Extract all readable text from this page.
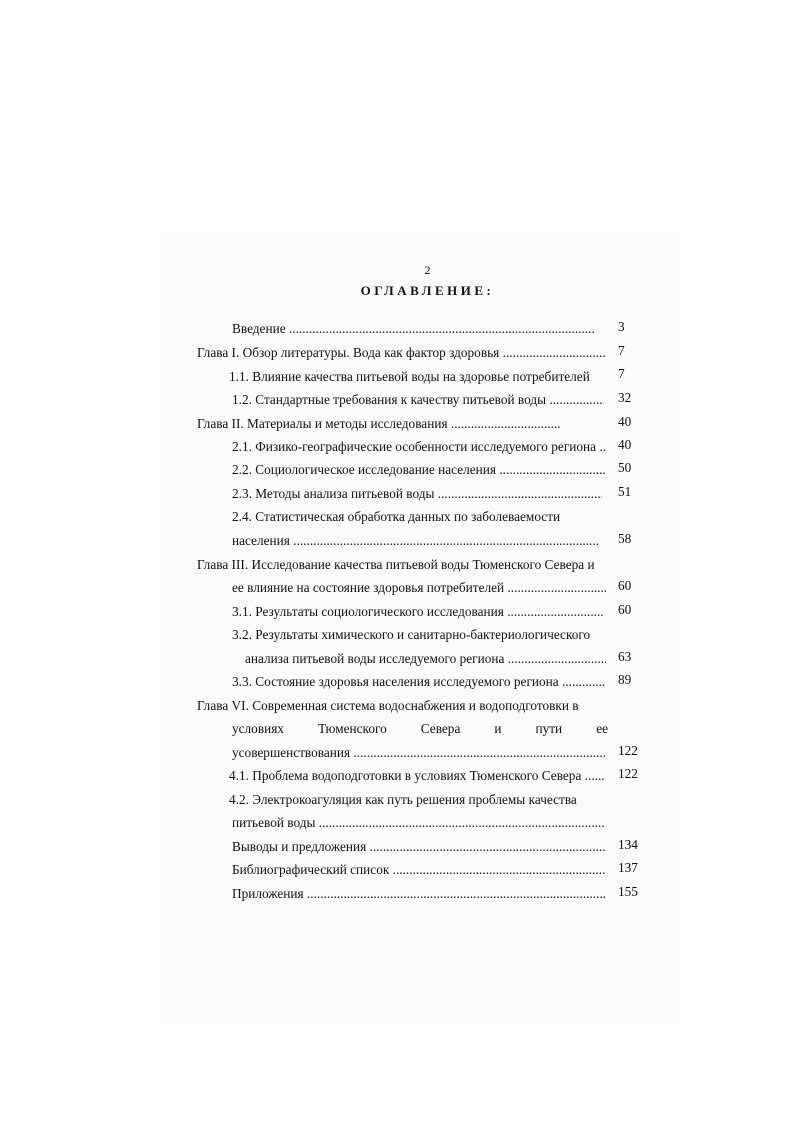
2
ОГЛАВЛЕНИЕ:
Введение .....	3
Глава I. Обзор литературы. Вода как фактор здоровья .....	7
1.1. Влияние качества питьевой воды на здоровье потребителей	7
1.2. Стандартные требования к качеству питьевой воды .....	32
Глава II. Материалы и методы исследования .....	40
2.1. Физико-географические особенности исследуемого региона .....	40
2.2. Социологическое исследование населения .....	50
2.3. Методы анализа питьевой воды .....	51
2.4. Статистическая обработка данных по заболеваемости
населения .....	58
Глава III. Исследование качества питьевой воды Тюменского Севера и
ее влияние на состояние здоровья потребителей .....	60
3.1. Результаты социологического исследования .....	60
3.2. Результаты химического и санитарно-бактериологического
анализа питьевой воды исследуемого региона .....	63
3.3. Состояние здоровья населения исследуемого региона .....	89
Глава VI. Современная система водоснабжения и водоподготовки в
условиях	Тюменского	Севера	и	пути	ее
усовершенствования .....	122
4.1. Проблема водоподготовки в условиях Тюменского Севера .....	122
4.2. Электрокоагуляция как путь решения проблемы качества
питьевой воды .....
Выводы и предложения .....	134
Библиографический список .....	137
Приложения .....	155
